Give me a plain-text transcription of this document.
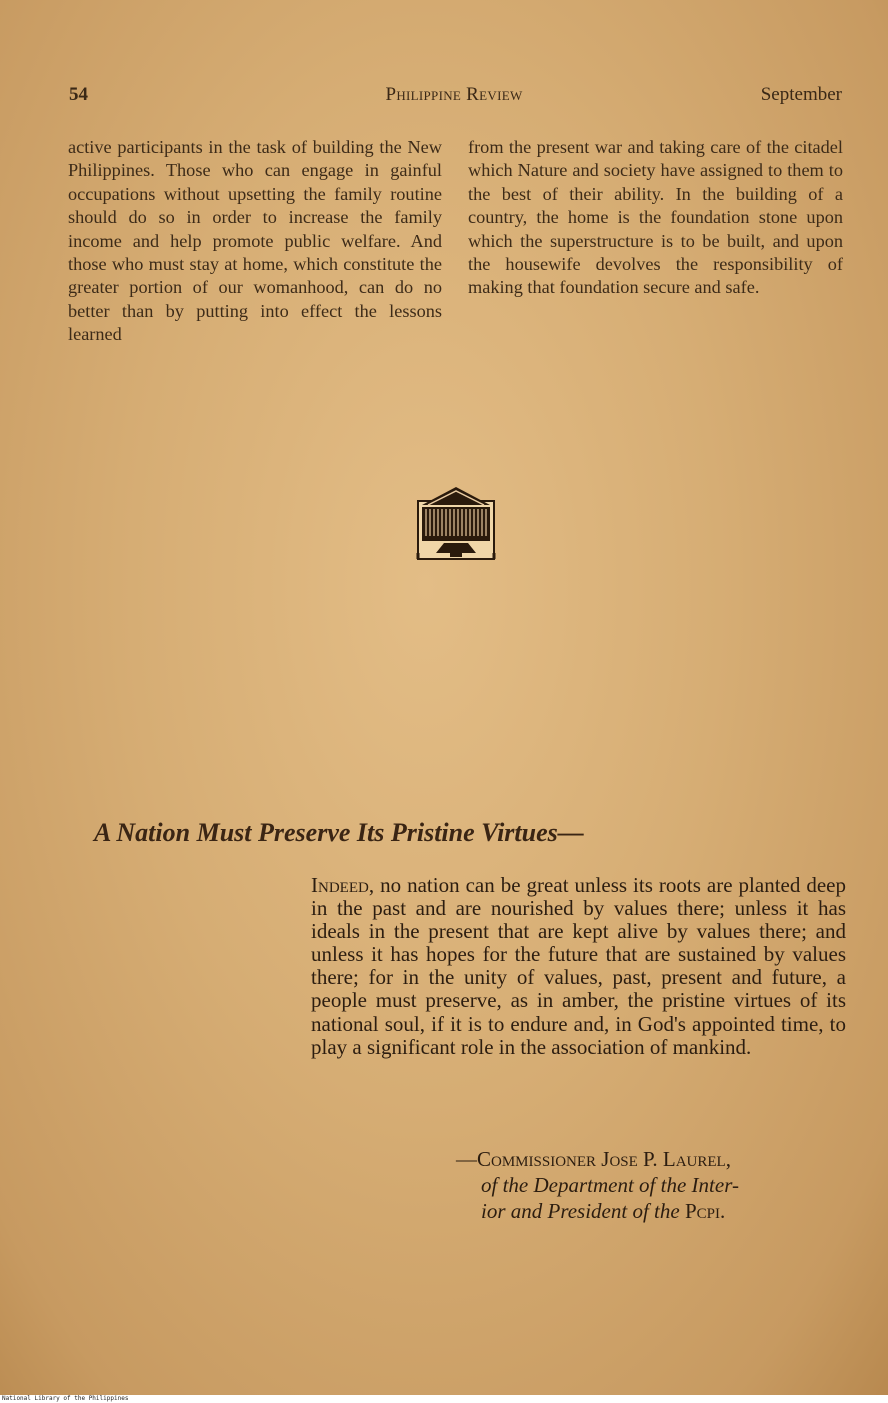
54	Philippine Review	September

active participants in the task of building the New Philippines. Those who can engage in gainful occupations without upsetting the family routine should do so in order to increase the family income and help promote public welfare. And those who must stay at home, which constitute the greater portion of our womanhood, can do no better than by putting into effect the lessons learned

from the present war and taking care of the citadel which Nature and society have assigned to them to the best of their ability. In the building of a country, the home is the foundation stone upon which the superstructure is to be built, and upon the housewife devolves the responsibility of making that foundation secure and safe.

A Nation Must Preserve Its Pristine Virtues—
Indeed, no nation can be great unless its roots are planted deep in the past and are nourished by values there; unless it has ideals in the present that are kept alive by values there; and unless it has hopes for the future that are sustained by values there; for in the unity of values, past, present and future, a people must preserve, as in amber, the pristine virtues of its national soul, if it is to endure and, in God's appointed time, to play a significant role in the association of mankind.
—Commissioner Jose P. Laurel,
of the Department of the Inter-
ior and President of the Pcpi.
National Library of the Philippines
